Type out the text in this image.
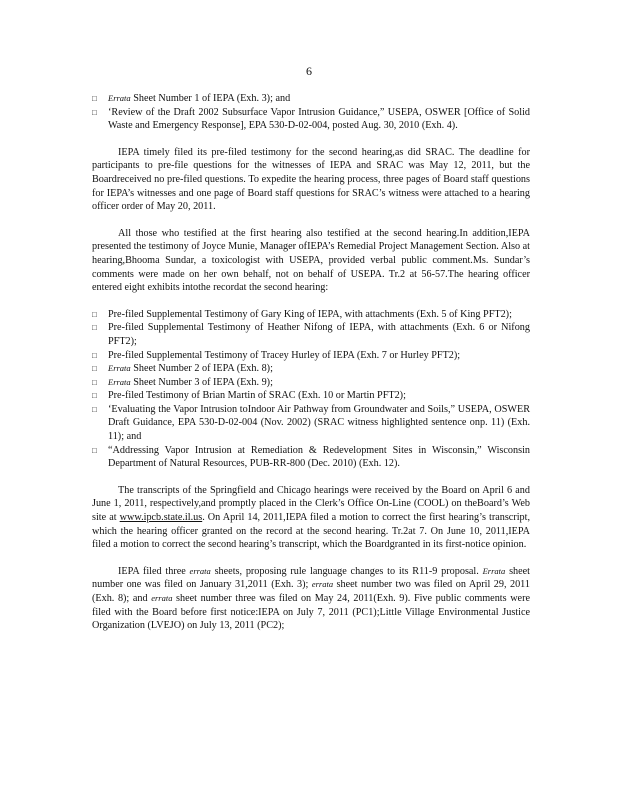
6
□ Errata Sheet Number 1 of IEPA (Exh. 3); and
□ ‘Review of the Draft 2002 Subsurface Vapor Intrusion Guidance,” USEPA, OSWER [Office of Solid Waste and Emergency Response], EPA 530-D-02-004, posted Aug. 30, 2010 (Exh. 4).

IEPA timely filed its pre-filed testimony for the second hearing,as did SRAC. The deadline for participants to pre-file questions for the witnesses of IEPA and SRAC was May 12, 2011, but the Boardreceived no pre-filed questions. To expedite the hearing process, three pages of Board staff questions for IEPA’s witnesses and one page of Board staff questions for SRAC’s witness were attached to a hearing officer order of May 20, 2011.

All those who testified at the first hearing also testified at the second hearing.In addition,IEPA presented the testimony of Joyce Munie, Manager ofIEPA’s Remedial Project Management Section. Also at hearing,Bhooma Sundar, a toxicologist with USEPA, provided verbal public comment.Ms. Sundar’s comments were made on her own behalf, not on behalf of USEPA. Tr.2 at 56-57.The hearing officer entered eight exhibits intothe recordat the second hearing:

□ Pre-filed Supplemental Testimony of Gary King of IEPA, with attachments (Exh. 5 of King PFT2);
□ Pre-filed Supplemental Testimony of Heather Nifong of IEPA, with attachments (Exh. 6 or Nifong PFT2);
□ Pre-filed Supplemental Testimony of Tracey Hurley of IEPA (Exh. 7 or Hurley PFT2);
□ Errata Sheet Number 2 of IEPA (Exh. 8);
□ Errata Sheet Number 3 of IEPA (Exh. 9);
□ Pre-filed Testimony of Brian Martin of SRAC (Exh. 10 or Martin PFT2);
□ ‘Evaluating the Vapor Intrusion toIndoor Air Pathway from Groundwater and Soils,” USEPA, OSWER Draft Guidance, EPA 530-D-02-004 (Nov. 2002) (SRAC witness highlighted sentence onp. 11) (Exh. 11); and
□ “Addressing Vapor Intrusion at Remediation & Redevelopment Sites in Wisconsin,” Wisconsin Department of Natural Resources, PUB-RR-800 (Dec. 2010) (Exh. 12).

The transcripts of the Springfield and Chicago hearings were received by the Board on April 6 and June 1, 2011, respectively,and promptly placed in the Clerk’s Office On-Line (COOL) on theBoard’s Web site at www.ipcb.state.il.us. On April 14, 2011,IEPA filed a motion to correct the first hearing’s transcript, which the hearing officer granted on the record at the second hearing. Tr.2at 7. On June 10, 2011,IEPA filed a motion to correct the second hearing’s transcript, which the Boardgranted in its first-notice opinion.

IEPA filed three errata sheets, proposing rule language changes to its R11-9 proposal. Errata sheet number one was filed on January 31,2011 (Exh. 3); errata sheet number two was filed on April 29, 2011 (Exh. 8); and errata sheet number three was filed on May 24, 2011(Exh. 9). Five public comments were filed with the Board before first notice:IEPA on July 7, 2011 (PC1);Little Village Environmental Justice Organization (LVEJO) on July 13, 2011 (PC2);
